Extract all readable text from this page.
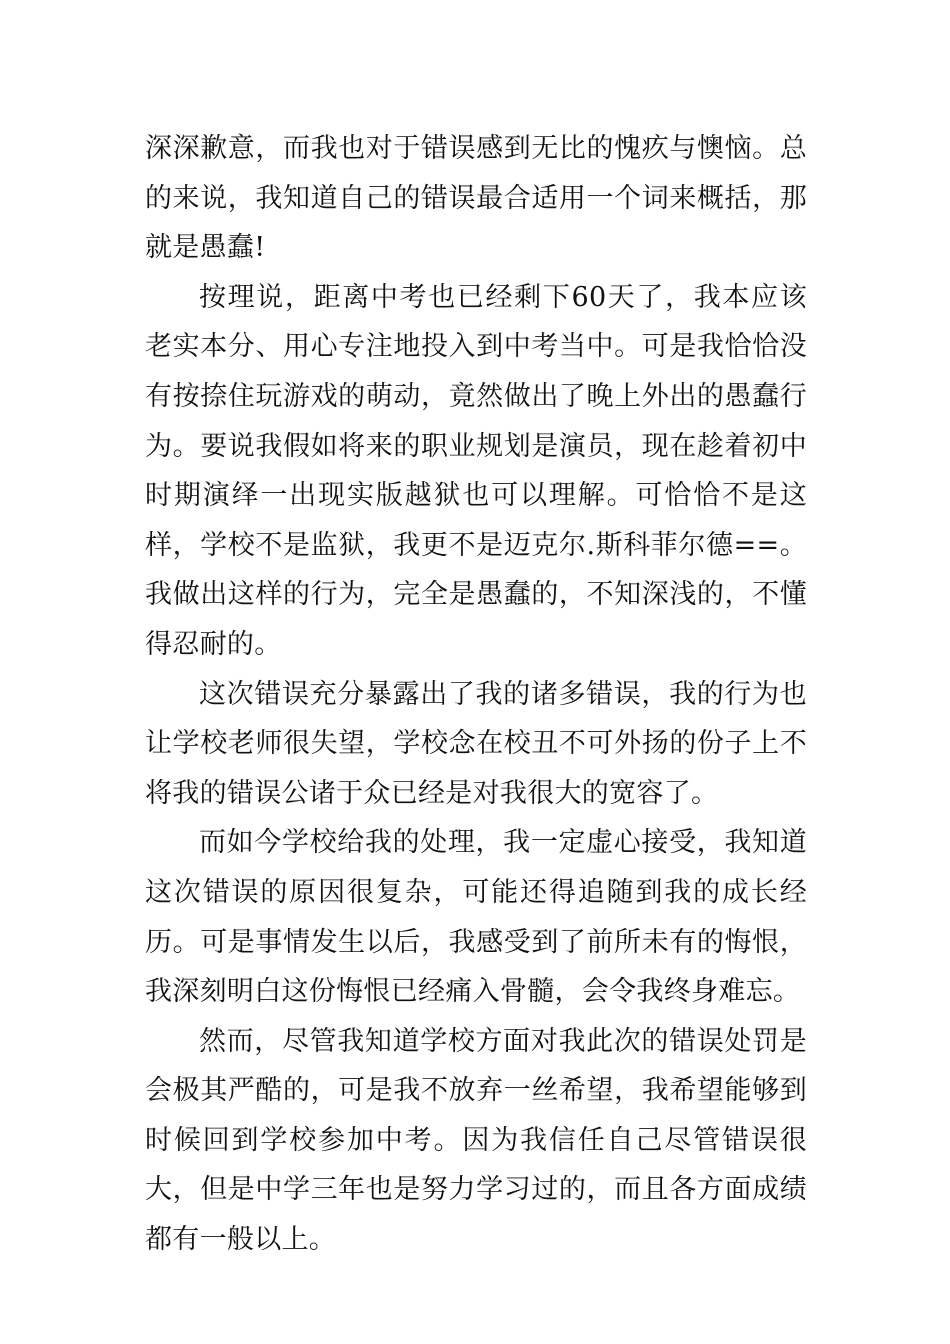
深深歉意，而我也对于错误感到无比的愧疚与懊恼。总的来说，我知道自己的错误最合适用一个词来概括，那就是愚蠢!

按理说，距离中考也已经剩下60天了，我本应该老实本分、用心专注地投入到中考当中。可是我恰恰没有按捺住玩游戏的萌动，竟然做出了晚上外出的愚蠢行为。要说我假如将来的职业规划是演员，现在趁着初中时期演绎一出现实版越狱也可以理解。可恰恰不是这样，学校不是监狱，我更不是迈克尔.斯科菲尔德==。我做出这样的行为，完全是愚蠢的，不知深浅的，不懂得忍耐的。

这次错误充分暴露出了我的诸多错误，我的行为也让学校老师很失望，学校念在校丑不可外扬的份子上不将我的错误公诸于众已经是对我很大的宽容了。

而如今学校给我的处理，我一定虚心接受，我知道这次错误的原因很复杂，可能还得追随到我的成长经历。可是事情发生以后，我感受到了前所未有的悔恨，我深刻明白这份悔恨已经痛入骨髓，会令我终身难忘。

然而，尽管我知道学校方面对我此次的错误处罚是会极其严酷的，可是我不放弃一丝希望，我希望能够到时候回到学校参加中考。因为我信任自己尽管错误很大，但是中学三年也是努力学习过的，而且各方面成绩都有一般以上。
